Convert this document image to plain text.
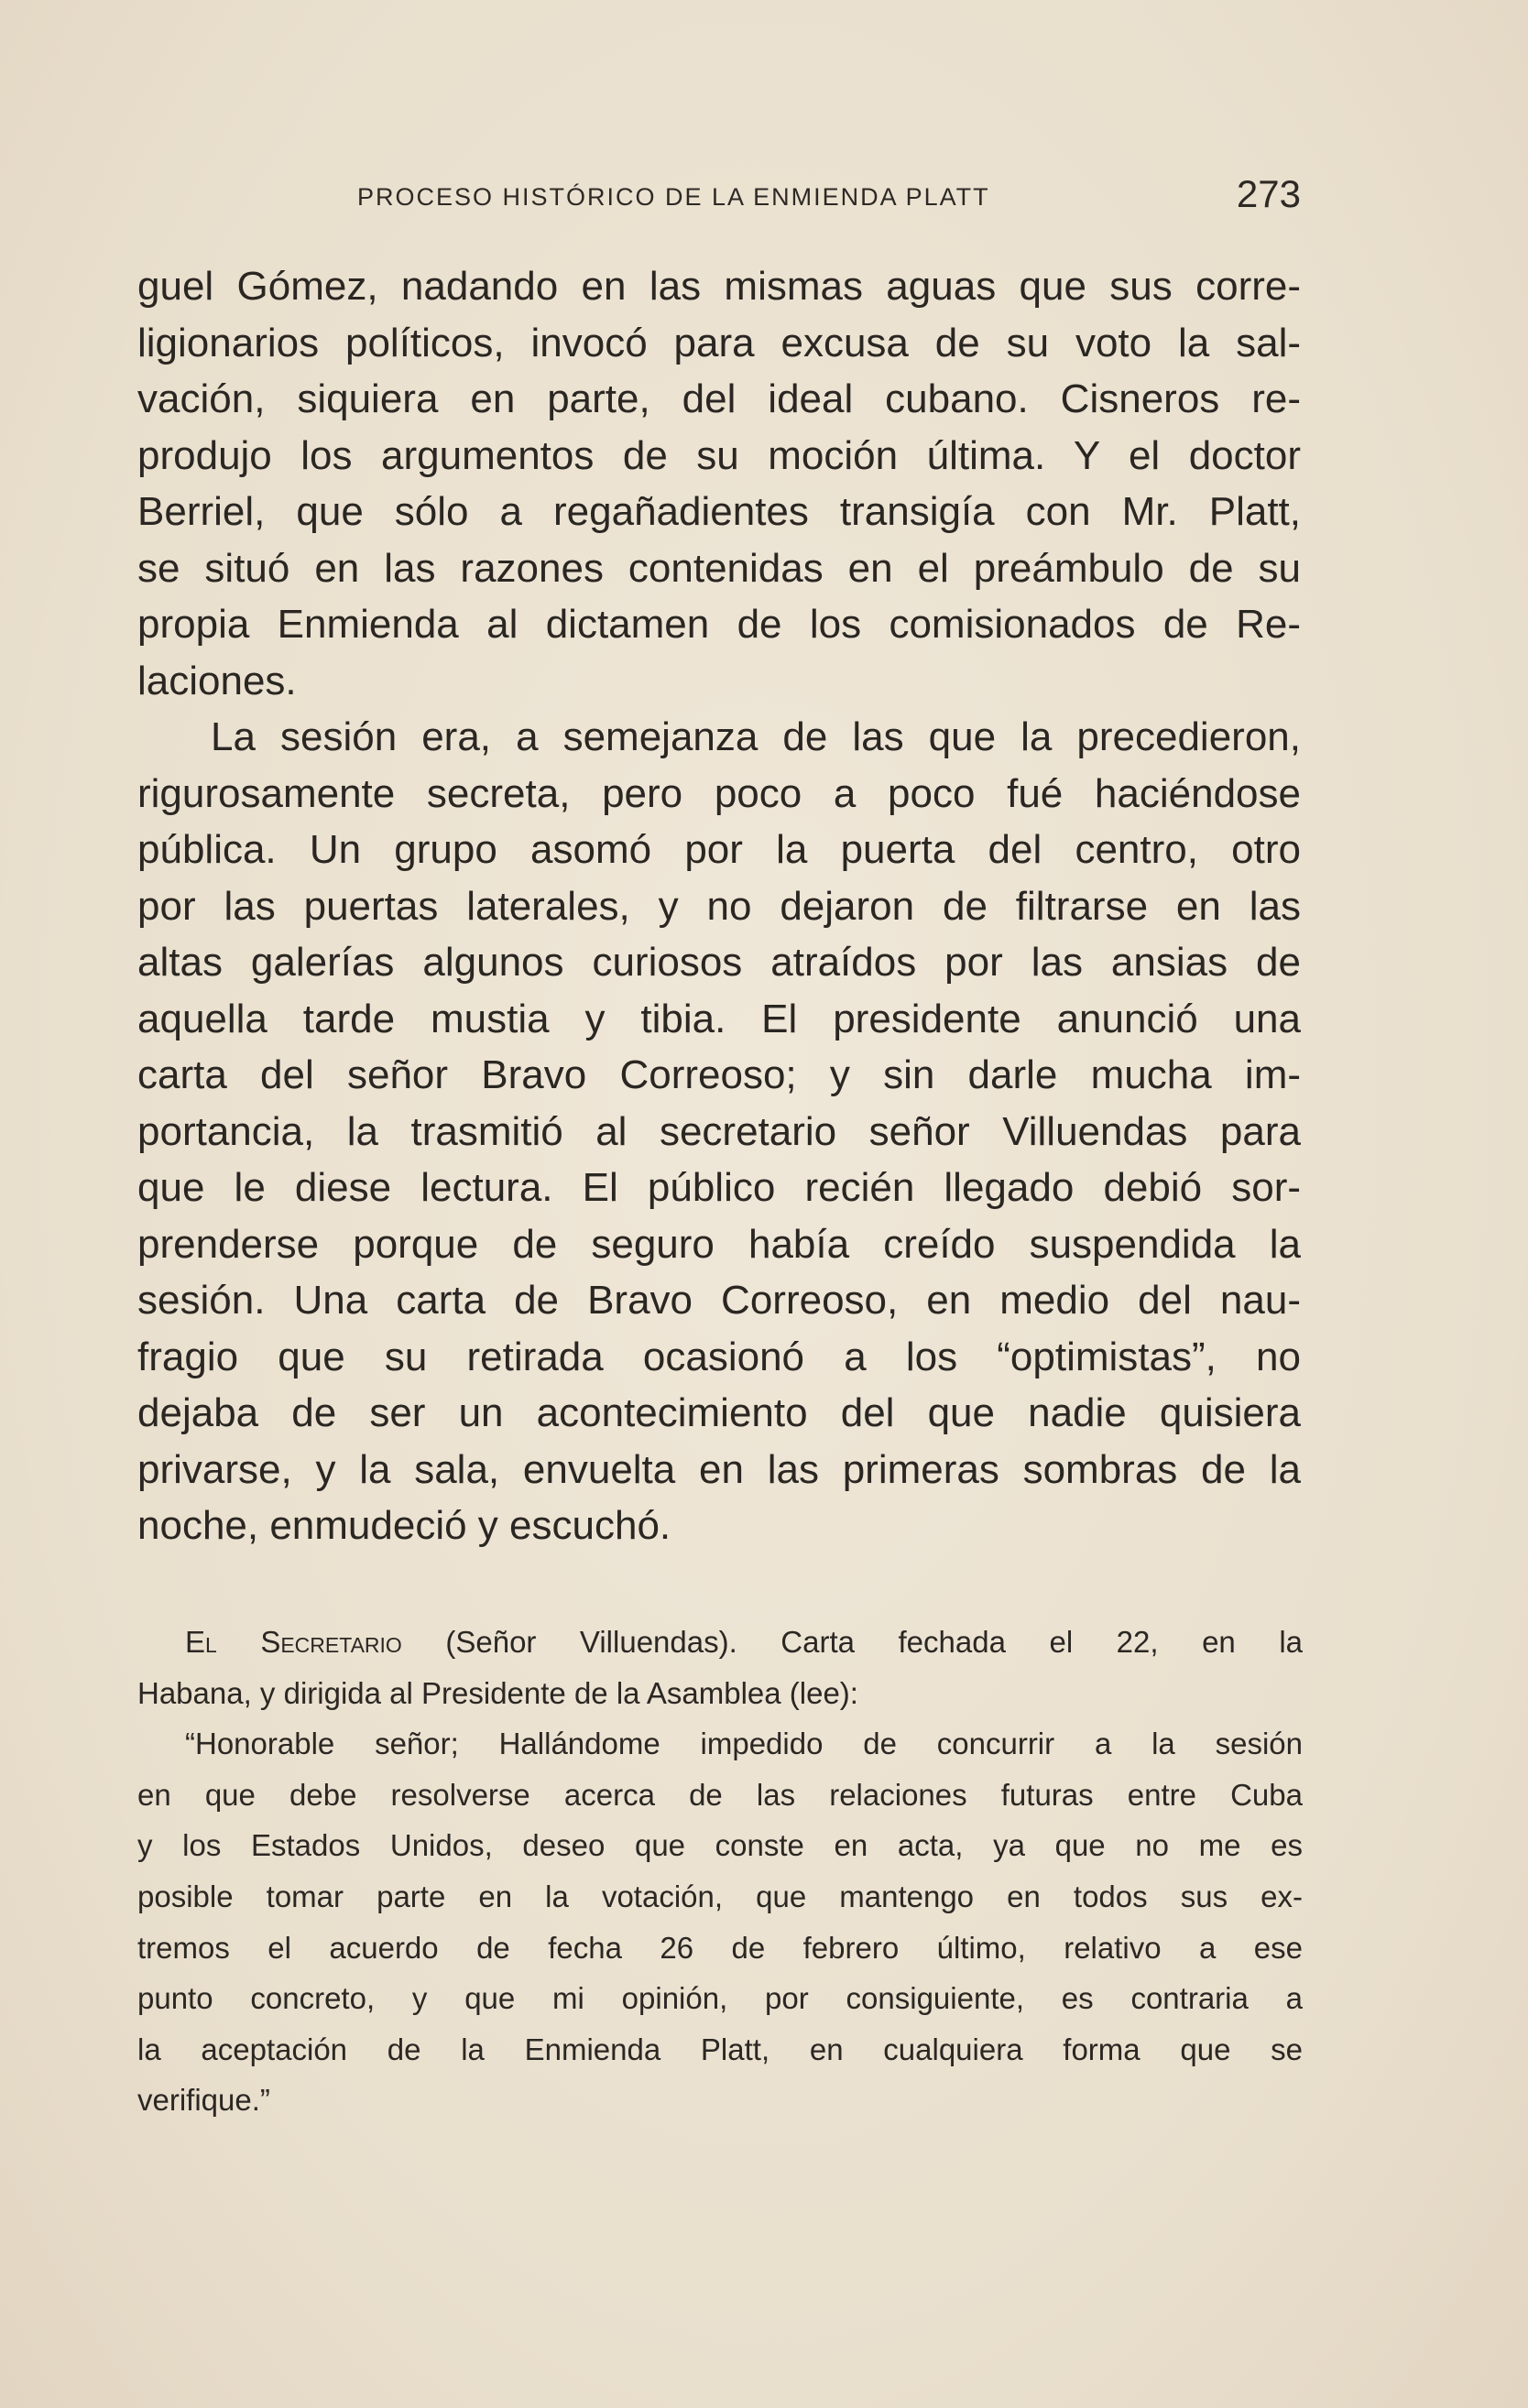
PROCESO HISTÓRICO DE LA ENMIENDA PLATT	273
guel Gómez, nadando en las mismas aguas que sus corre-
ligionarios políticos, invocó para excusa de su voto la sal-
vación, siquiera en parte, del ideal cubano. Cisneros re-
produjo los argumentos de su moción última. Y el doctor
Berriel, que sólo a regañadientes transigía con Mr. Platt,
se situó en las razones contenidas en el preámbulo de su
propia Enmienda al dictamen de los comisionados de Re-
laciones.
La sesión era, a semejanza de las que la precedieron,
rigurosamente secreta, pero poco a poco fué haciéndose
pública. Un grupo asomó por la puerta del centro, otro
por las puertas laterales, y no dejaron de filtrarse en las
altas galerías algunos curiosos atraídos por las ansias de
aquella tarde mustia y tibia. El presidente anunció una
carta del señor Bravo Correoso; y sin darle mucha im-
portancia, la trasmitió al secretario señor Villuendas para
que le diese lectura. El público recién llegado debió sor-
prenderse porque de seguro había creído suspendida la
sesión. Una carta de Bravo Correoso, en medio del nau-
fragio que su retirada ocasionó a los “optimistas”, no
dejaba de ser un acontecimiento del que nadie quisiera
privarse, y la sala, envuelta en las primeras sombras de la
noche, enmudeció y escuchó.
El Secretario (Señor Villuendas). Carta fechada el 22, en la
Habana, y dirigida al Presidente de la Asamblea (lee):
“Honorable señor; Hallándome impedido de concurrir a la sesión
en que debe resolverse acerca de las relaciones futuras entre Cuba
y los Estados Unidos, deseo que conste en acta, ya que no me es
posible tomar parte en la votación, que mantengo en todos sus ex-
tremos el acuerdo de fecha 26 de febrero último, relativo a ese
punto concreto, y que mi opinión, por consiguiente, es contraria a
la aceptación de la Enmienda Platt, en cualquiera forma que se
verifique.”
